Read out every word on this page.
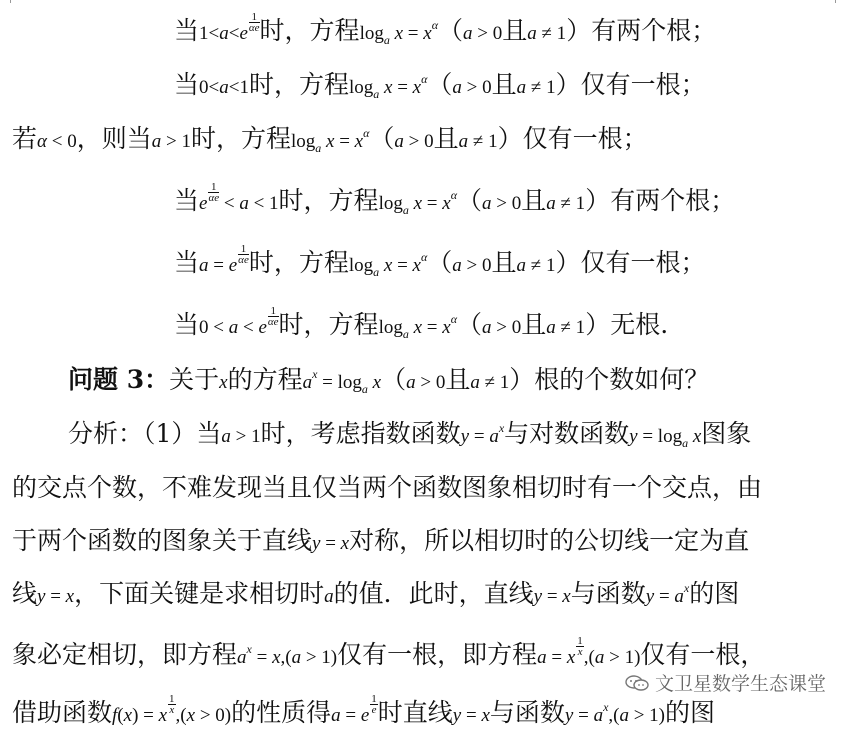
当1<a<e
$\frac{1}{\alpha e}$ 时，方程$\log_a x = x^\alpha(a > 0$且a ≠ 1）有两个根；
当0<a<1时，方程$\log_a x = x^\alpha(a > 0$且a ≠ 1）仅有一根；
若α < 0，则当a > 1时，方程$\log_a x = x^\alpha(a > 0$且a ≠ 1）仅有一根；
当e
$\frac{1}{\alpha e}$
< a < 1时，方程$\log_a x = x^\alpha(a > 0$且a ≠ 1）有两个根；
当a = e
$\frac{1}{\alpha e}$ 时，方程$\log_a x = x^\alpha(a > 0$且a ≠ 1）仅有一根；
当0 < a < e
$\frac{1}{\alpha e}$ 时，方程$\log_a x = x^\alpha(a > 0$且a ≠ 1）无根.
问题 3：关于x的方程$a^x = \log_a x(a > 0$且a ≠ 1）根的个数如何？
分析：（1）当a > 1时，考虑指数函数$y = a^x$与对数函数$y = \log_a x$图象
的交点个数，不难发现当且仅当两个函数图象相切时有一个交点，由
于两个函数的图象关于直线y = x对称，所以相切时的公切线一定为直
线y = x，下面关键是求相切时a的值．此时，直线y = x与函数$y = a^x$的图
象必定相切，即方程$a^x = x,(a > 1)$仅有一根，即方程a = x
$\frac{1}{x}$
,(a > 1)仅有一根，
借助函数f(x) = x
$\frac{1}{x}$
,(x > 0)的性质得a = e
$\frac{1}{e}$ 时直线y = x与函数$y = a^x,(a > 1)$的图
文卫星数学生态课堂
